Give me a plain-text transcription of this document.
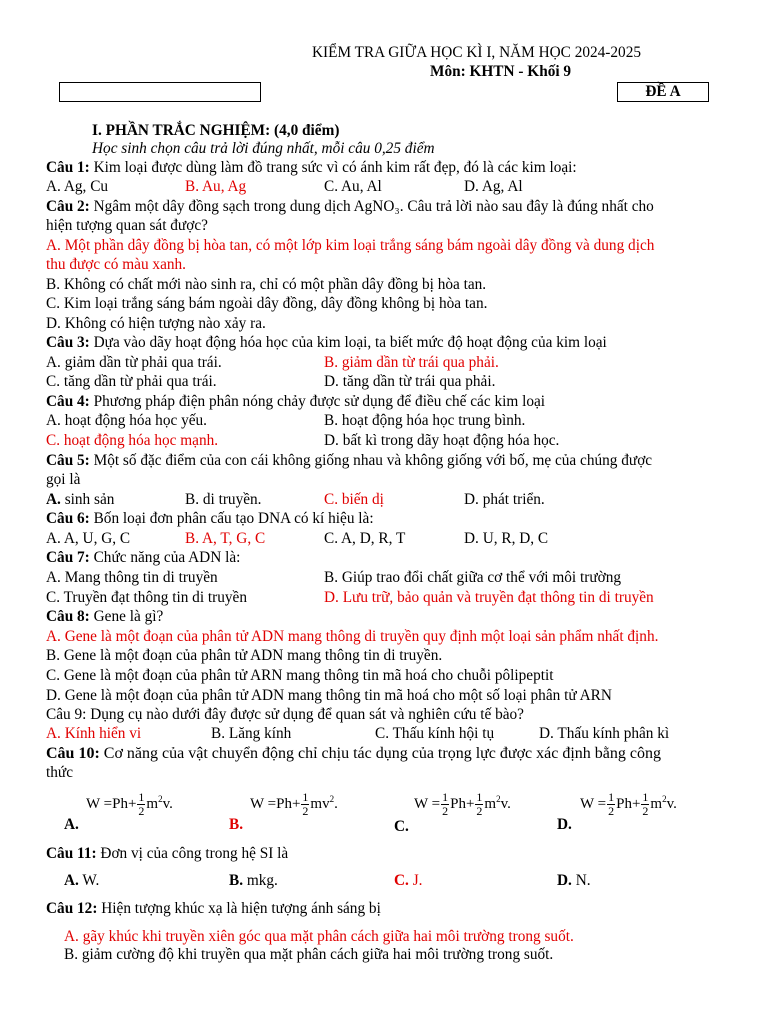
KIỂM TRA GIỮA HỌC KÌ I, NĂM HỌC 2024-2025
Môn: KHTN - Khối 9
ĐỀ A
I. PHẦN TRẮC NGHIỆM: (4,0 điểm)
Học sinh chọn câu trả lời đúng nhất, mỗi câu 0,25 điểm
Câu 1: Kim loại được dùng làm đồ trang sức vì có ánh kim rất đẹp, đó là các kim loại:
A. Ag, Cu	B. Au, Ag	C. Au, Al	D. Ag, Al
Câu 2: Ngâm một dây đồng sạch trong dung dịch AgNO₃. Câu trả lời nào sau đây là đúng nhất cho
hiện tượng quan sát được?
A. Một phần dây đồng bị hòa tan, có một lớp kim loại trắng sáng bám ngoài dây đồng và dung dịch
thu được có màu xanh.
B. Không có chất mới nào sinh ra, chỉ có một phần dây đồng bị hòa tan.
C. Kim loại trắng sáng bám ngoài dây đồng, dây đồng không bị hòa tan.
D. Không có hiện tượng nào xảy ra.
Câu 3: Dựa vào dãy hoạt động hóa học của kim loại, ta biết mức độ hoạt động của kim loại
A. giảm dần từ phải qua trái.	B. giảm dần từ trái qua phải.
C. tăng dần từ phải qua trái.	D. tăng dần từ trái qua phải.
Câu 4: Phương pháp điện phân nóng chảy được sử dụng để điều chế các kim loại
A. hoạt động hóa học yếu.	B. hoạt động hóa học trung bình.
C. hoạt động hóa học mạnh.	D. bất kì trong dãy hoạt động hóa học.
Câu 5: Một số đặc điểm của con cái không giống nhau và không giống với bố, mẹ của chúng được
gọi là
A. sinh sản	B. di truyền.	C. biến dị	D. phát triển.
Câu 6: Bốn loại đơn phân cấu tạo DNA có kí hiệu là:
A. A, U, G, C	B. A, T, G, C	C. A, D, R, T	D. U, R, D, C
Câu 7: Chức năng của ADN là:
A. Mang thông tin di truyền	B. Giúp trao đổi chất giữa cơ thể với môi trường
C. Truyền đạt thông tin di truyền	D. Lưu trữ, bảo quản và truyền đạt thông tin di truyền
Câu 8: Gene là gì?
A. Gene là một đoạn của phân tử ADN mang thông di truyền quy định một loại sản phẩm nhất định.
B. Gene là một đoạn của phân tử ADN mang thông tin di truyền.
C. Gene là một đoạn của phân tử ARN mang thông tin mã hoá cho chuỗi pôlipeptit
D. Gene là một đoạn của phân tử ADN mang thông tin mã hoá cho một số loại phân tử ARN
Câu 9: Dụng cụ nào dưới đây được sử dụng để quan sát và nghiên cứu tế bào?
A. Kính hiển vi	B. Lăng kính	C. Thấu kính hội tụ	D. Thấu kính phân kì
Câu 10: Cơ năng của vật chuyển động chỉ chịu tác dụng của trọng lực được xác định bằng công
thức
A.
$W =Ph+ \frac{1}{2} m^2v$.
B.
$W =Ph+ \frac{1}{2} mv^2$.
C.
$W = \frac{1}{2} Ph+ \frac{1}{2} m^2v$.
D.
$W = \frac{1}{2} Ph+ \frac{1}{2} m^2v$.
Câu 11: Đơn vị của công trong hệ SI là
A. W.	B. mkg.	C. J.	D. N.
Câu 12: Hiện tượng khúc xạ là hiện tượng ánh sáng bị
A. gãy khúc khi truyền xiên góc qua mặt phân cách giữa hai môi trường trong suốt.
B. giảm cường độ khi truyền qua mặt phân cách giữa hai môi trường trong suốt.
